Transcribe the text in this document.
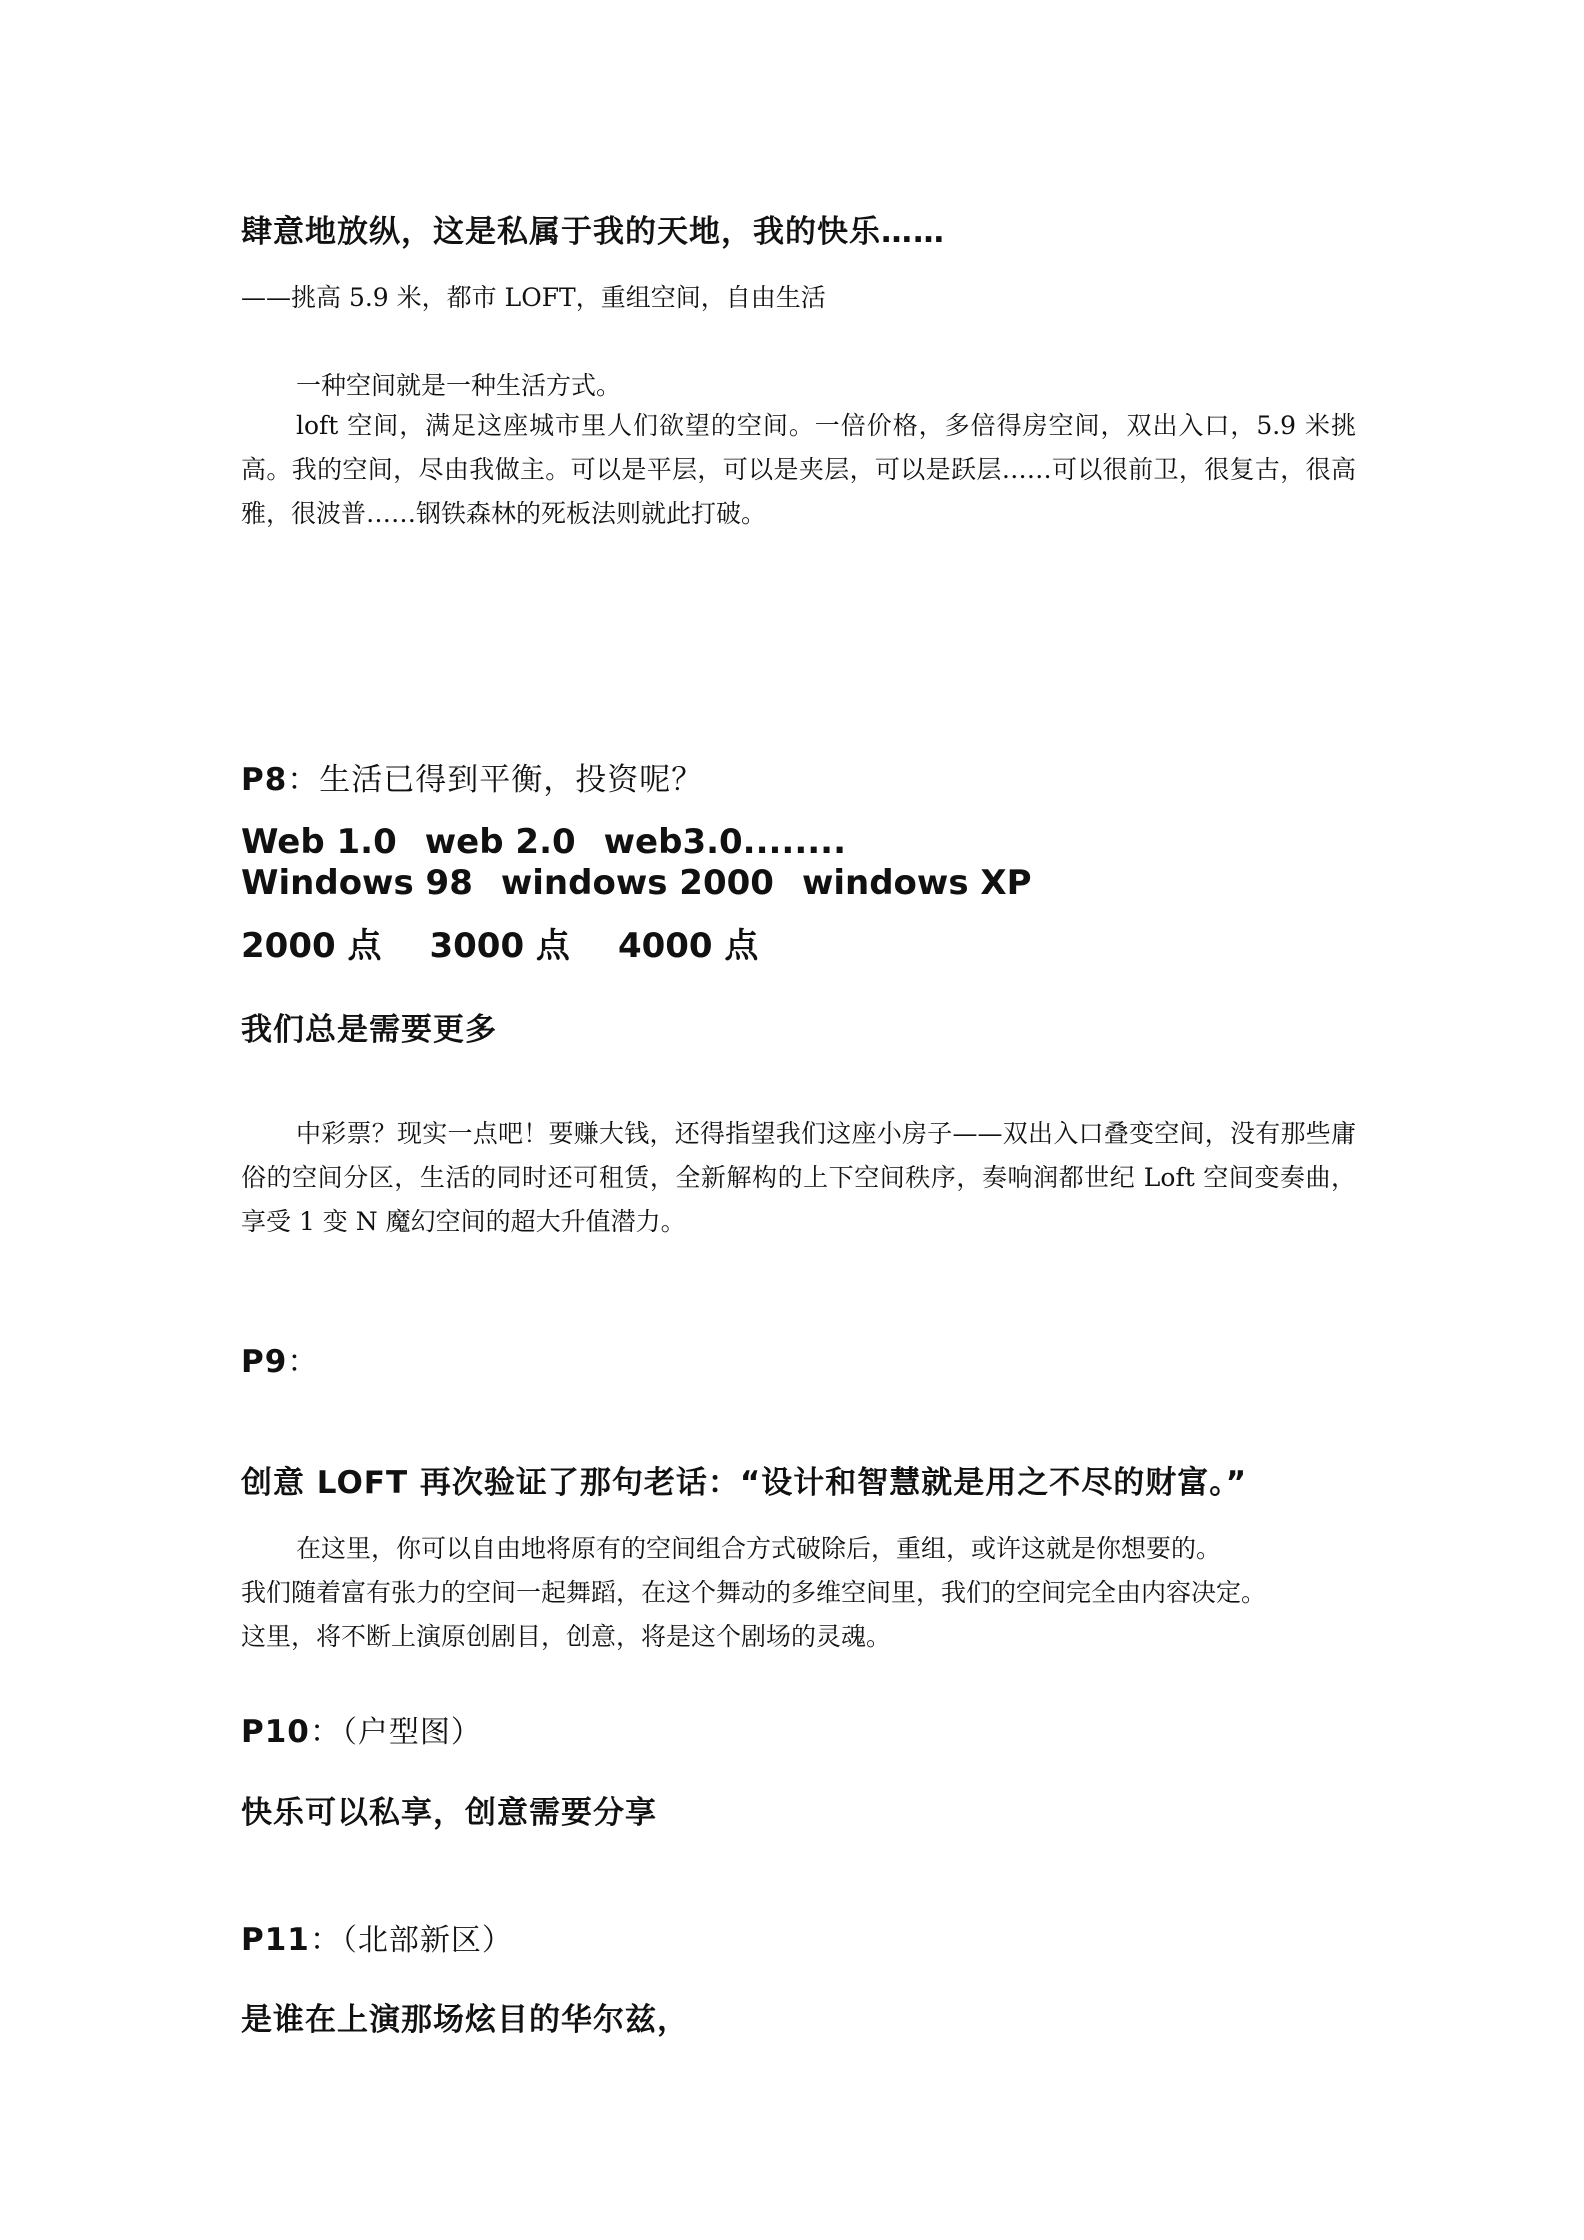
肆意地放纵，这是私属于我的天地，我的快乐……
——挑高 5.9 米，都市 LOFT，重组空间，自由生活
一种空间就是一种生活方式。
loft 空间，满足这座城市里人们欲望的空间。一倍价格，多倍得房空间，双出入口，5.9 米挑高。我的空间，尽由我做主。可以是平层，可以是夹层，可以是跃层……可以很前卫，很复古，很高雅，很波普……钢铁森林的死板法则就此打破。
P8：生活已得到平衡，投资呢？
Web 1.0 web 2.0 web3.0........
Windows 98 windows 2000 windows XP
2000 点 3000 点 4000 点
我们总是需要更多
中彩票？现实一点吧！要赚大钱，还得指望我们这座小房子——双出入口叠变空间，没有那些庸俗的空间分区，生活的同时还可租赁，全新解构的上下空间秩序，奏响润都世纪 Loft 空间变奏曲，享受 1 变 N 魔幻空间的超大升值潜力。
P9：
创意 LOFT 再次验证了那句老话：“设计和智慧就是用之不尽的财富。”
在这里，你可以自由地将原有的空间组合方式破除后，重组，或许这就是你想要的。
我们随着富有张力的空间一起舞蹈，在这个舞动的多维空间里，我们的空间完全由内容决定。
这里，将不断上演原创剧目，创意，将是这个剧场的灵魂。
P10：（户型图）
快乐可以私享，创意需要分享
P11：（北部新区）
是谁在上演那场炫目的华尔兹，
